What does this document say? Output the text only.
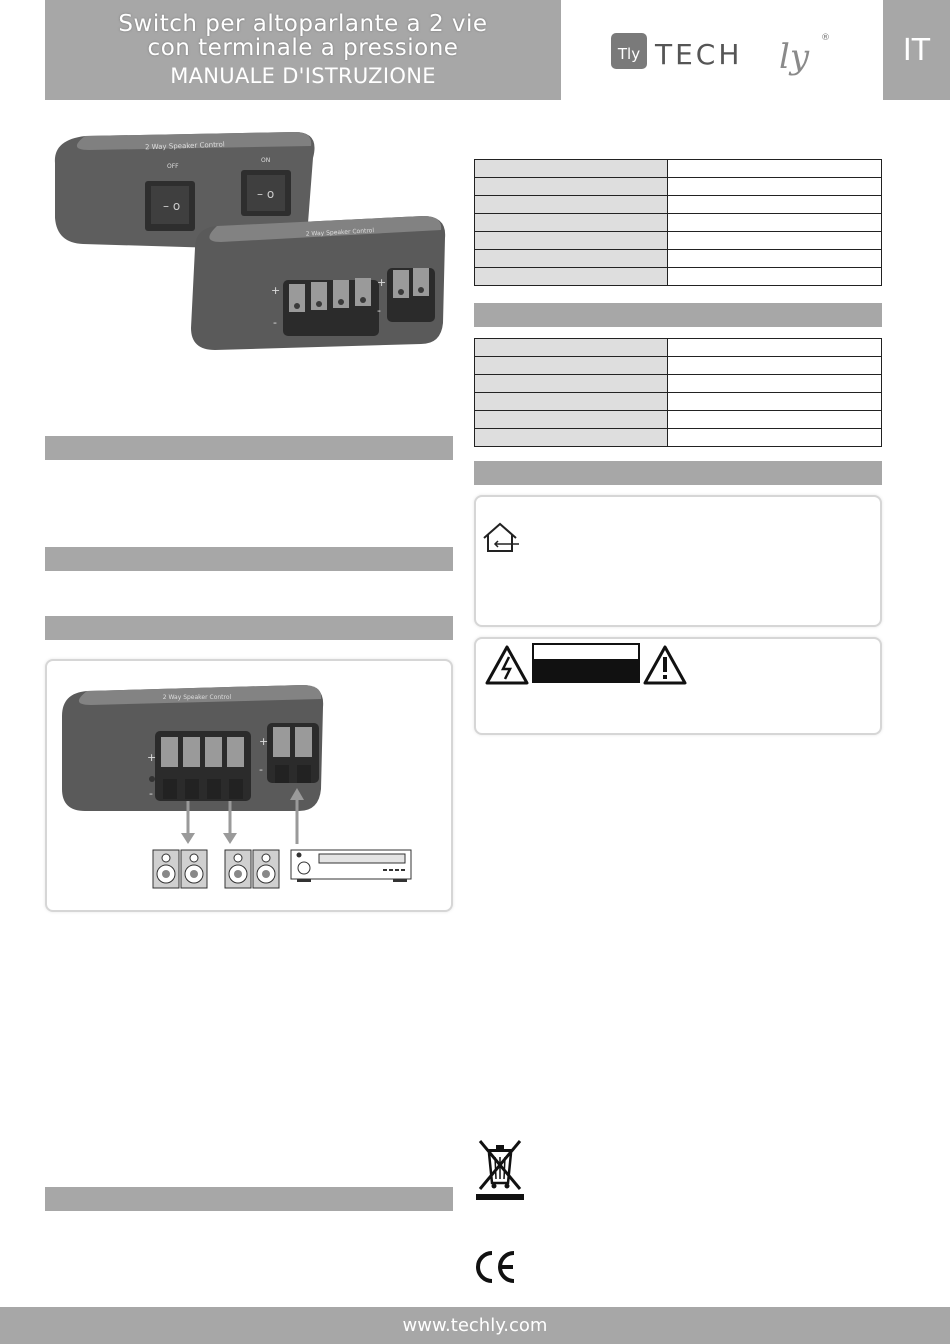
Switch per altoparlante a 2 vie
con terminale a pressione
MANUALE D'ISTRUZIONE
Tly TECH ly ® IT
2 Way Speaker Control
– o
– o
OFF
ON
2 Way Speaker Control
+
-
+
-
2 Way Speaker Control
+
-
+
-

www.techly.com
